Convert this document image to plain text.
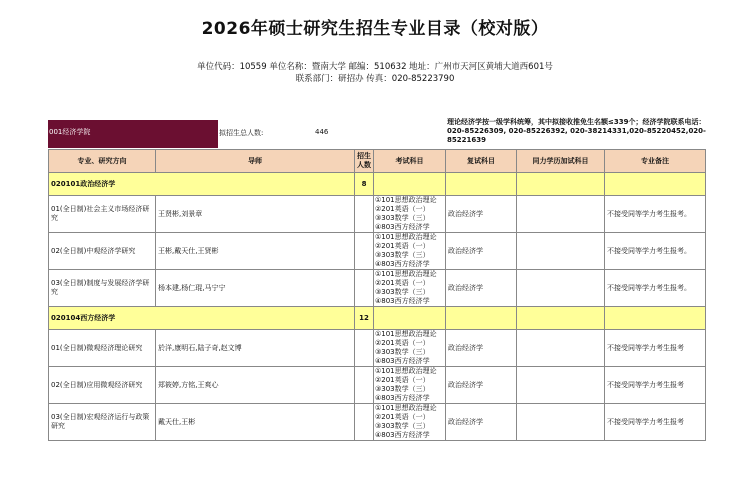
2026年硕士研究生招生专业目录（校对版）
单位代码：10559 单位名称：暨南大学 邮编：510632 地址：广州市天河区黄埔大道西601号
联系部门：研招办 传真：020-85223790
001经济学院	拟招生总人数:	446
理论经济学按一级学科统筹，其中拟接收推免生名额≤339个；经济学院联系电话：020-85226309, 020-85226392, 020-38214331,020-85220452,020-85221639
专业、研究方向	导师	招生人数	考试科目	复试科目	同力学历加试科目	专业备注
020101政治经济学		8				
01(全日制)社会主义市场经济研究	王贤彬,刘景章		①101思想政治理论
②201英语（一）
③303数学（三）
④803西方经济学	政治经济学		不接受同等学力考生报考。
02(全日制)中观经济学研究	王彬,戴天仕,王贤彬		①101思想政治理论
②201英语（一）
③303数学（三）
④803西方经济学	政治经济学		不接受同等学力考生报考。
03(全日制)制度与发展经济学研究	杨本建,杨仁琨,马宁宁		①101思想政治理论
②201英语（一）
③303数学（三）
④803西方经济学	政治经济学		不接受同等学力考生报考。
020104西方经济学		12				
01(全日制)微观经济理论研究	於洋,康明石,陆子奇,赵文博		①101思想政治理论
②201英语（一）
③303数学（三）
④803西方经济学	政治经济学		不接受同等学力考生报考
02(全日制)应用微观经济研究	郑筱婷,方铭,王爽心		①101思想政治理论
②201英语（一）
③303数学（三）
④803西方经济学	政治经济学		不接受同等学力考生报考
03(全日制)宏观经济运行与政策研究	戴天仕,王彬		①101思想政治理论
②201英语（一）
③303数学（三）
④803西方经济学	政治经济学		不接受同等学力考生报考
